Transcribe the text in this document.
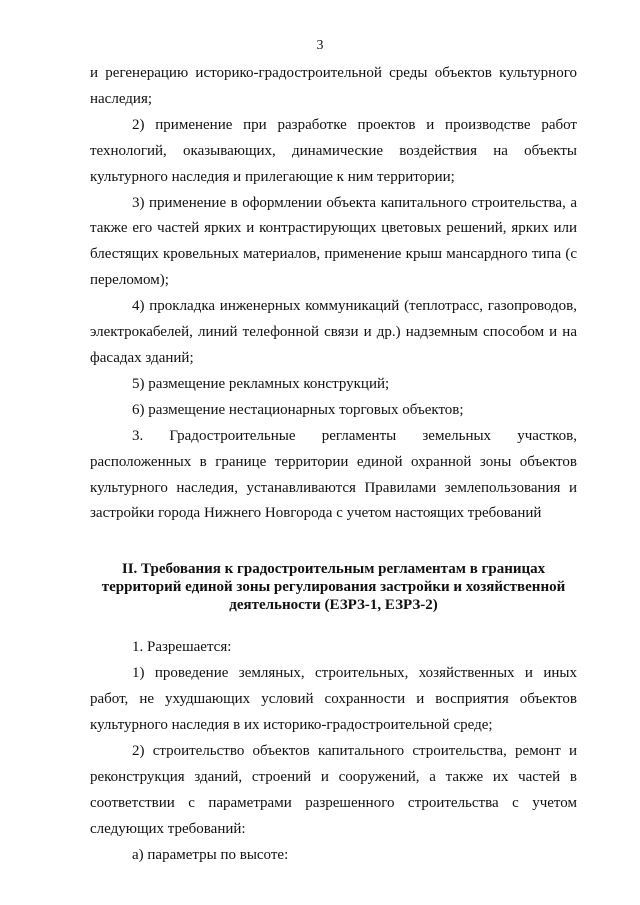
3

и регенерацию историко-градостроительной среды объектов культурного наследия;

2) применение при разработке проектов и производстве работ технологий, оказывающих, динамические воздействия на объекты культурного наследия и прилегающие к ним территории;

3) применение в оформлении объекта капитального строительства, а также его частей ярких и контрастирующих цветовых решений, ярких или блестящих кровельных материалов, применение крыш мансардного типа (с переломом);

4) прокладка инженерных коммуникаций (теплотрасс, газопроводов, электрокабелей, линий телефонной связи и др.) надземным способом и на фасадах зданий;

5) размещение рекламных конструкций;

6) размещение нестационарных торговых объектов;

3. Градостроительные регламенты земельных участков, расположенных в границе территории единой охранной зоны объектов культурного наследия, устанавливаются Правилами землепользования и застройки города Нижнего Новгорода с учетом настоящих требований

II. Требования к градостроительным регламентам в границах
территорий единой зоны регулирования застройки и хозяйственной
деятельности (ЕЗРЗ-1, ЕЗРЗ-2)

1. Разрешается:

1) проведение земляных, строительных, хозяйственных и иных работ, не ухудшающих условий сохранности и восприятия объектов культурного наследия в их историко-градостроительной среде;

2) строительство объектов капитального строительства, ремонт и реконструкция зданий, строений и сооружений, а также их частей в соответствии с параметрами разрешенного строительства с учетом следующих требований:

а) параметры по высоте:
